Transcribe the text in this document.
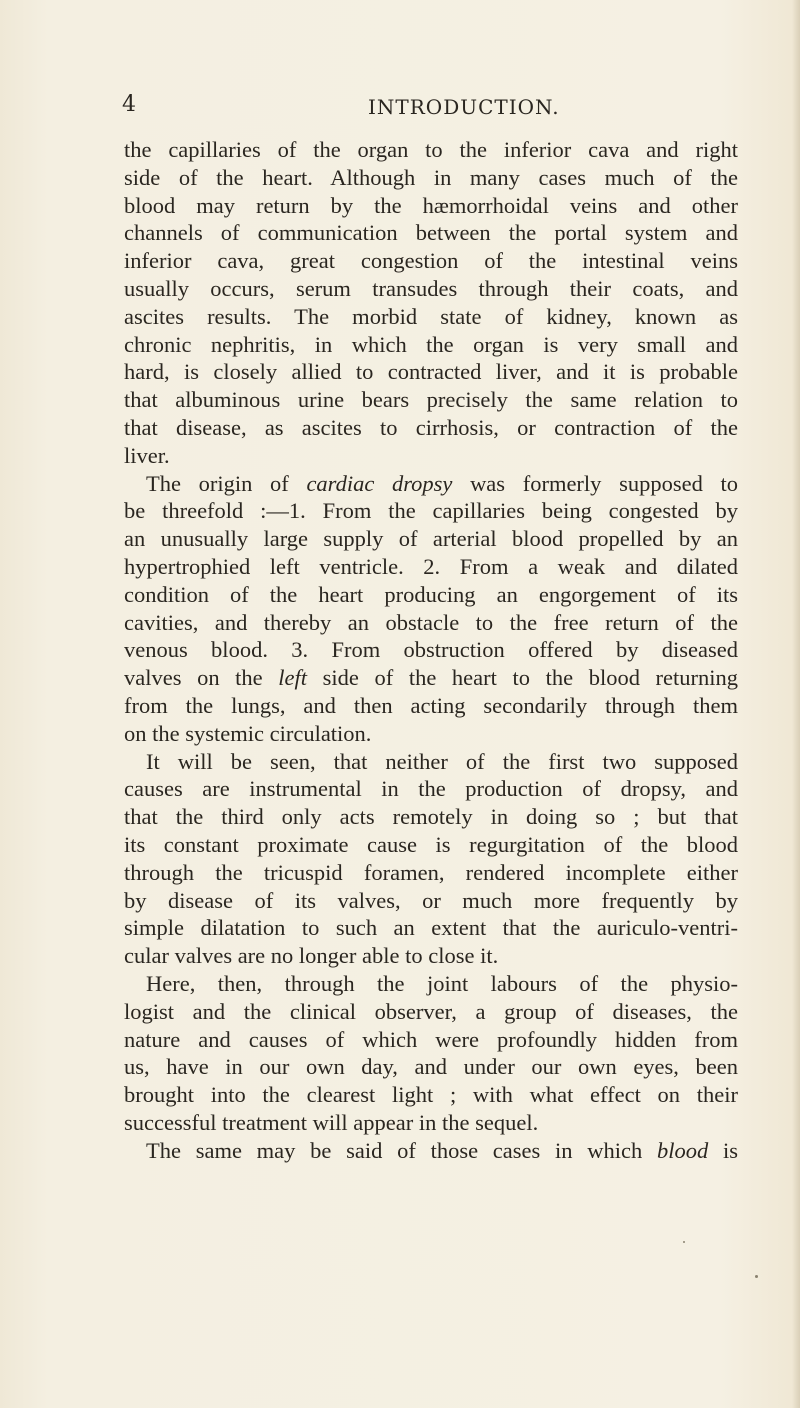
4	INTRODUCTION.
the capillaries of the organ to the inferior cava and right
side of the heart. Although in many cases much of the
blood may return by the hæmorrhoidal veins and other
channels of communication between the portal system and
inferior cava, great congestion of the intestinal veins
usually occurs, serum transudes through their coats, and
ascites results. The morbid state of kidney, known as
chronic nephritis, in which the organ is very small and
hard, is closely allied to contracted liver, and it is probable
that albuminous urine bears precisely the same relation to
that disease, as ascites to cirrhosis, or contraction of the
liver.
The origin of cardiac dropsy was formerly supposed to
be threefold :—1. From the capillaries being congested by
an unusually large supply of arterial blood propelled by an
hypertrophied left ventricle. 2. From a weak and dilated
condition of the heart producing an engorgement of its
cavities, and thereby an obstacle to the free return of the
venous blood. 3. From obstruction offered by diseased
valves on the left side of the heart to the blood returning
from the lungs, and then acting secondarily through them
on the systemic circulation.
It will be seen, that neither of the first two supposed
causes are instrumental in the production of dropsy, and
that the third only acts remotely in doing so ; but that
its constant proximate cause is regurgitation of the blood
through the tricuspid foramen, rendered incomplete either
by disease of its valves, or much more frequently by
simple dilatation to such an extent that the auriculo-ventri-
cular valves are no longer able to close it.
Here, then, through the joint labours of the physio-
logist and the clinical observer, a group of diseases, the
nature and causes of which were profoundly hidden from
us, have in our own day, and under our own eyes, been
brought into the clearest light ; with what effect on their
successful treatment will appear in the sequel.
The same may be said of those cases in which blood is
